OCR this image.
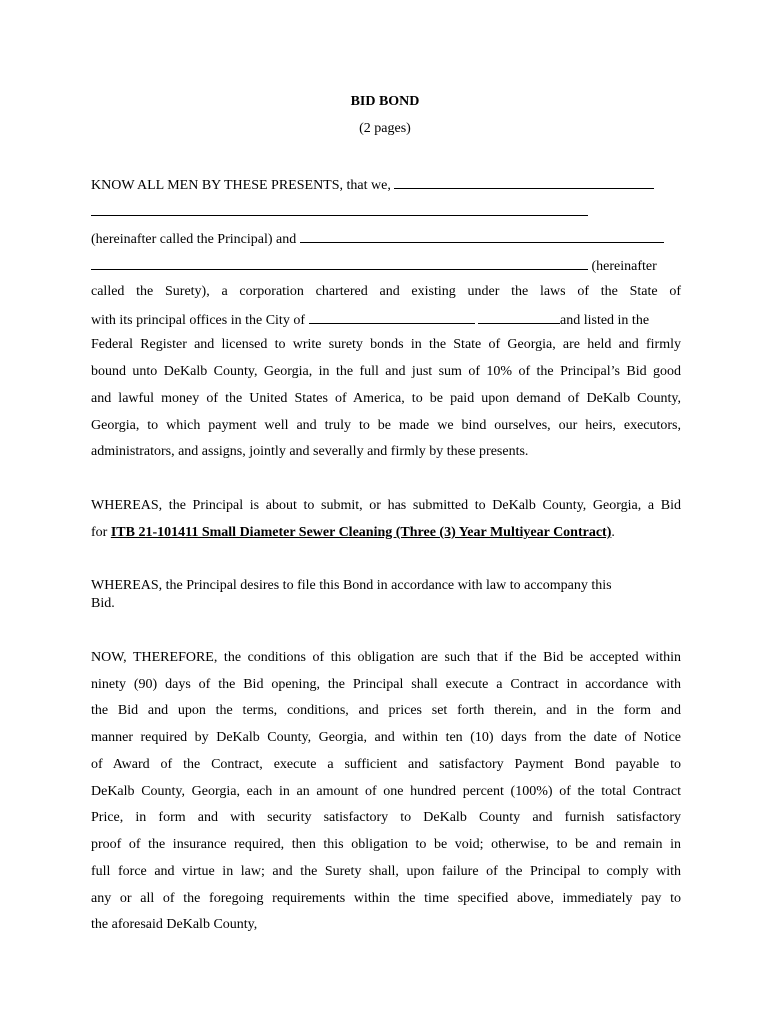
BID BOND
(2 pages)
KNOW ALL MEN BY THESE PRESENTS, that we,
(hereinafter called the Principal) and
(hereinafter
called the Surety), a corporation chartered and existing under the laws of the State of
with its principal offices in the City of	and listed in the
Federal Register and licensed to write surety bonds in the State of Georgia, are held and firmly
bound unto DeKalb County, Georgia, in the full and just sum of 10% of the Principal’s Bid good
and lawful money of the United States of America, to be paid upon demand of DeKalb County,
Georgia, to which payment well and truly to be made we bind ourselves, our heirs, executors,
administrators, and assigns, jointly and severally and firmly by these presents.
WHEREAS, the Principal is about to submit, or has submitted to DeKalb County, Georgia, a Bid
for ITB 21-101411 Small Diameter Sewer Cleaning (Three (3) Year Multiyear Contract).
WHEREAS, the Principal desires to file this Bond in accordance with law to accompany this
Bid.
NOW, THEREFORE, the conditions of this obligation are such that if the Bid be accepted within
ninety (90) days of the Bid opening, the Principal shall execute a Contract in accordance with
the Bid and upon the terms, conditions, and prices set forth therein, and in the form and
manner required by DeKalb County, Georgia, and within ten (10) days from the date of Notice
of Award of the Contract, execute a sufficient and satisfactory Payment Bond payable to
DeKalb County, Georgia, each in an amount of one hundred percent (100%) of the total Contract
Price, in form and with security satisfactory to DeKalb County and furnish satisfactory
proof of the insurance required, then this obligation to be void; otherwise, to be and remain in
full force and virtue in law; and the Surety shall, upon failure of the Principal to comply with
any or all of the foregoing requirements within the time specified above, immediately pay to
the aforesaid DeKalb County,
